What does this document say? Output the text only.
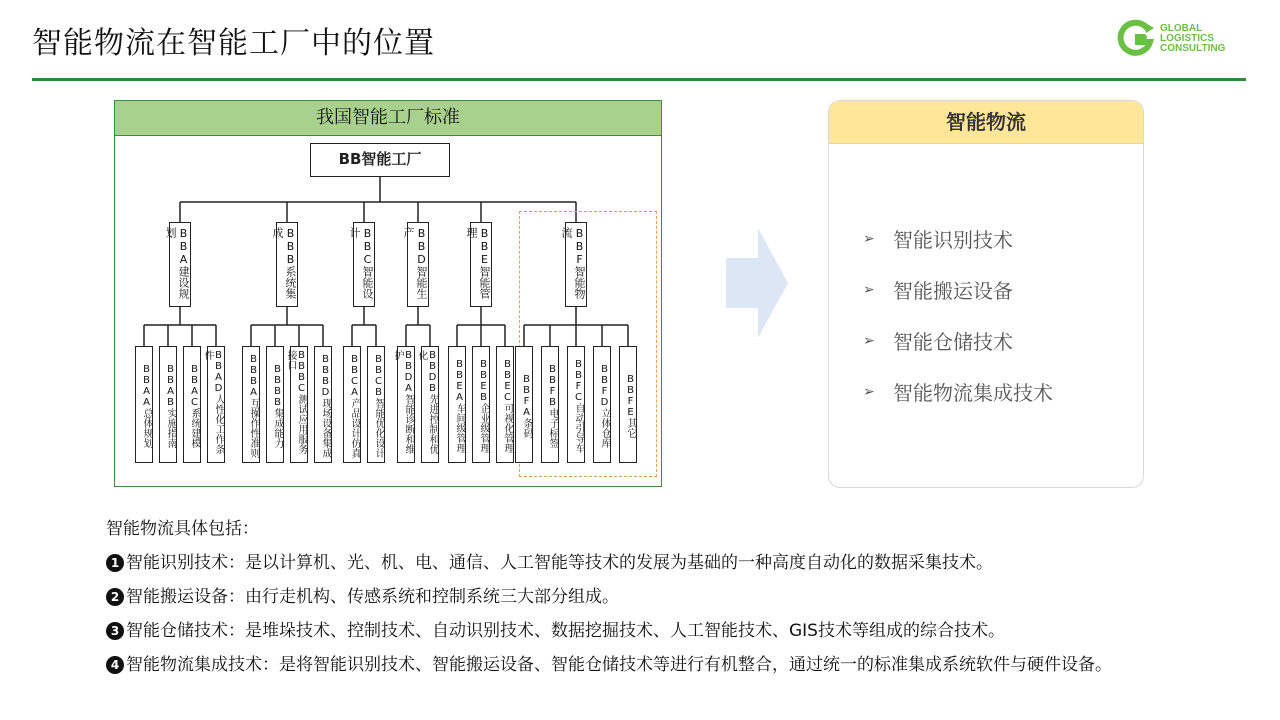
智能物流在智能工厂中的位置	GLOBAL
LOGISTICS
CONSULTING
我国智能工厂标准
BB智能工厂
BBA建设规划
BBAA总体规划	BBAB实施指南	BBAC系统建模	BBAD人性化工作条件
BBB系统集成
BBBA互操作性准则	BBBB集成能力	BBBC测试应用服务接口	BBBD现场设备集成
BBC智能设计
BBCA产品设计仿真	BBCB智能优化设计
BBD智能生产
BBDA智能诊断和维护	BBDB先进控制和优化
BBE智能管理
BBEA车间级管理	BBEB企业级管理	BBEC可视化管理
BBF智能物流
BBFA条码	BBFB电子标签	BBFC自动引导车	BBFD立体仓库	BBFE其它
智能物流
➢ 智能识别技术
➢ 智能搬运设备
➢ 智能仓储技术
➢ 智能物流集成技术
智能物流具体包括：
1 智能识别技术：是以计算机、光、机、电、通信、人工智能等技术的发展为基础的一种高度自动化的数据采集技术。
2 智能搬运设备：由行走机构、传感系统和控制系统三大部分组成。
3 智能仓储技术：是堆垛技术、控制技术、自动识别技术、数据挖掘技术、人工智能技术、GIS技术等组成的综合技术。
4 智能物流集成技术：是将智能识别技术、智能搬运设备、智能仓储技术等进行有机整合，通过统一的标准集成系统软件与硬件设备。
